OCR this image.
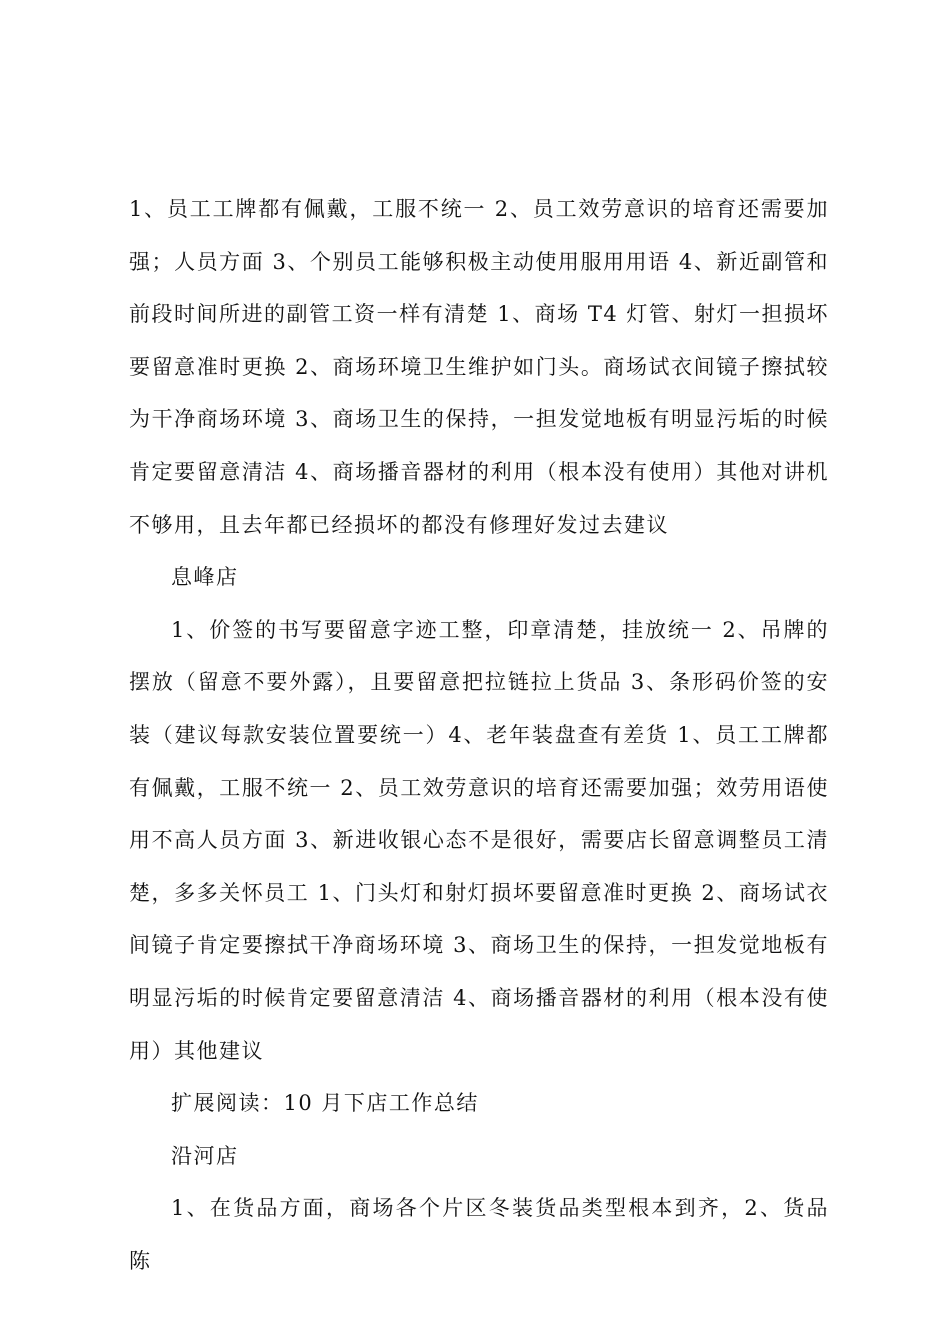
1、员工工牌都有佩戴，工服不统一 2、员工效劳意识的培育还需要加强；人员方面 3、个别员工能够积极主动使用服用用语 4、新近副管和前段时间所进的副管工资一样有清楚 1、商场 T4 灯管、射灯一担损坏要留意准时更换 2、商场环境卫生维护如门头。商场试衣间镜子擦拭较为干净商场环境 3、商场卫生的保持，一担发觉地板有明显污垢的时候肯定要留意清洁 4、商场播音器材的利用（根本没有使用）其他对讲机不够用，且去年都已经损坏的都没有修理好发过去建议

息峰店

1、价签的书写要留意字迹工整，印章清楚，挂放统一 2、吊牌的摆放（留意不要外露），且要留意把拉链拉上货品 3、条形码价签的安装（建议每款安装位置要统一）4、老年装盘查有差货 1、员工工牌都有佩戴，工服不统一 2、员工效劳意识的培育还需要加强；效劳用语使用不高人员方面 3、新进收银心态不是很好，需要店长留意调整员工清楚，多多关怀员工 1、门头灯和射灯损坏要留意准时更换 2、商场试衣间镜子肯定要擦拭干净商场环境 3、商场卫生的保持，一担发觉地板有明显污垢的时候肯定要留意清洁 4、商场播音器材的利用（根本没有使用）其他建议

扩展阅读：10 月下店工作总结

沿河店

1、在货品方面，商场各个片区冬装货品类型根本到齐，2、货品陈
